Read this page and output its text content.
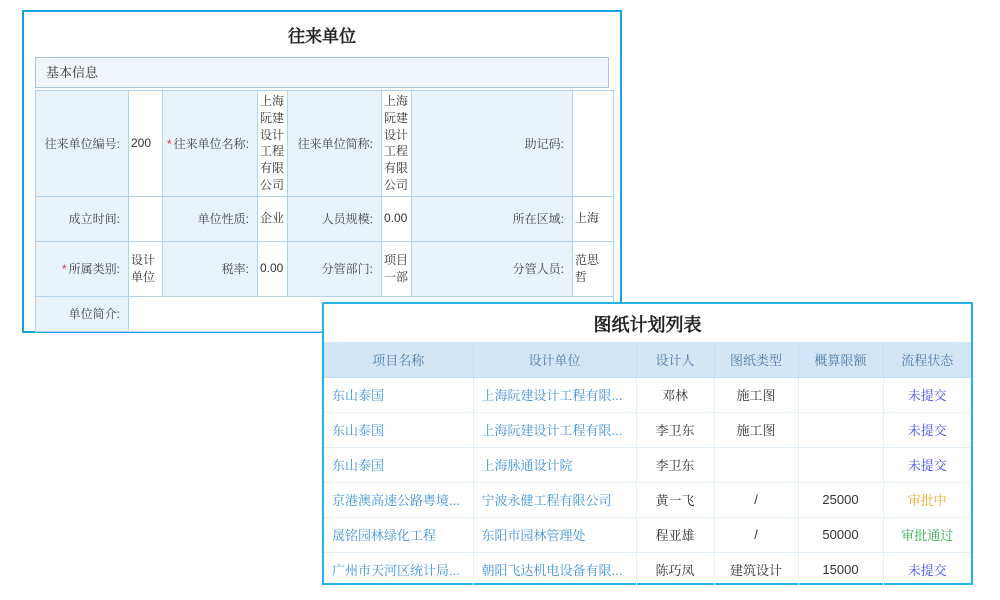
往来单位
基本信息
往来单位编号:	200	* 往来单位名称:	上海阮建设计工程有限公司	往来单位简称:	上海阮建设计工程有限公司	助记码:	
成立时间:		单位性质:	企业	人员规模:	0.00	所在区域:	上海
* 所属类别:	设计单位	税率:	0.00	分管部门:	项目一部	分管人员:	范思哲
单位简介:							
图纸计划列表
项目名称	设计单位	设计人	图纸类型	概算限额	流程状态
东山泰国	上海阮建设计工程有限...	邓林	施工图		未提交
东山泰国	上海阮建设计工程有限...	李卫东	施工图		未提交
东山泰国	上海脉通设计院	李卫东			未提交
京港澳高速公路粤境...	宁波永健工程有限公司	黄一飞	/	25000	审批中
晟铭园林绿化工程	东阳市园林管理处	程亚雄	/	50000	审批通过
广州市天河区统计局...	朝阳飞达机电设备有限...	陈巧凤	建筑设计	15000	未提交
